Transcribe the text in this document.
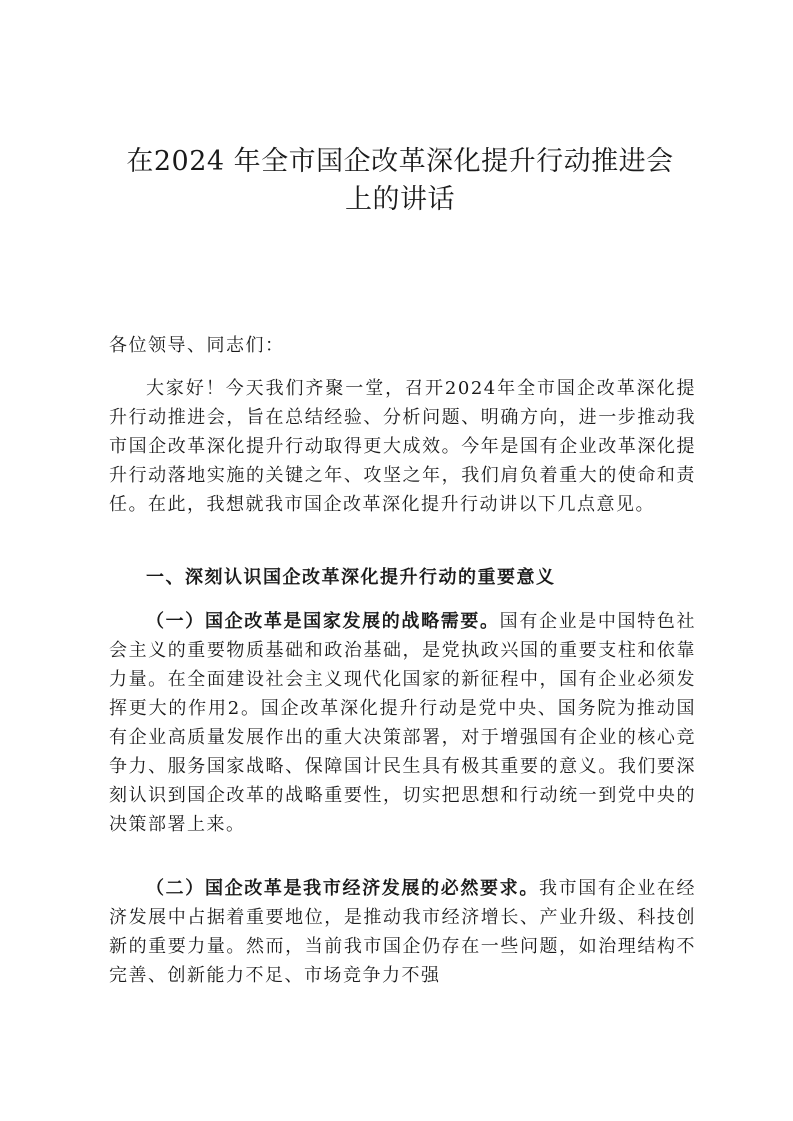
在2024 年全市国企改革深化提升行动推进会
上的讲话

各位领导、同志们：

大家好！今天我们齐聚一堂，召开2024年全市国企改革深化提升行动推进会，旨在总结经验、分析问题、明确方向，进一步推动我市国企改革深化提升行动取得更大成效。今年是国有企业改革深化提升行动落地实施的关键之年、攻坚之年，我们肩负着重大的使命和责任。在此，我想就我市国企改革深化提升行动讲以下几点意见。

一、深刻认识国企改革深化提升行动的重要意义

（一）国企改革是国家发展的战略需要。国有企业是中国特色社会主义的重要物质基础和政治基础，是党执政兴国的重要支柱和依靠力量。在全面建设社会主义现代化国家的新征程中，国有企业必须发挥更大的作用2。国企改革深化提升行动是党中央、国务院为推动国有企业高质量发展作出的重大决策部署，对于增强国有企业的核心竞争力、服务国家战略、保障国计民生具有极其重要的意义。我们要深刻认识到国企改革的战略重要性，切实把思想和行动统一到党中央的决策部署上来。

（二）国企改革是我市经济发展的必然要求。我市国有企业在经济发展中占据着重要地位，是推动我市经济增长、产业升级、科技创新的重要力量。然而，当前我市国企仍存在一些问题，如治理结构不完善、创新能力不足、市场竞争力不强
